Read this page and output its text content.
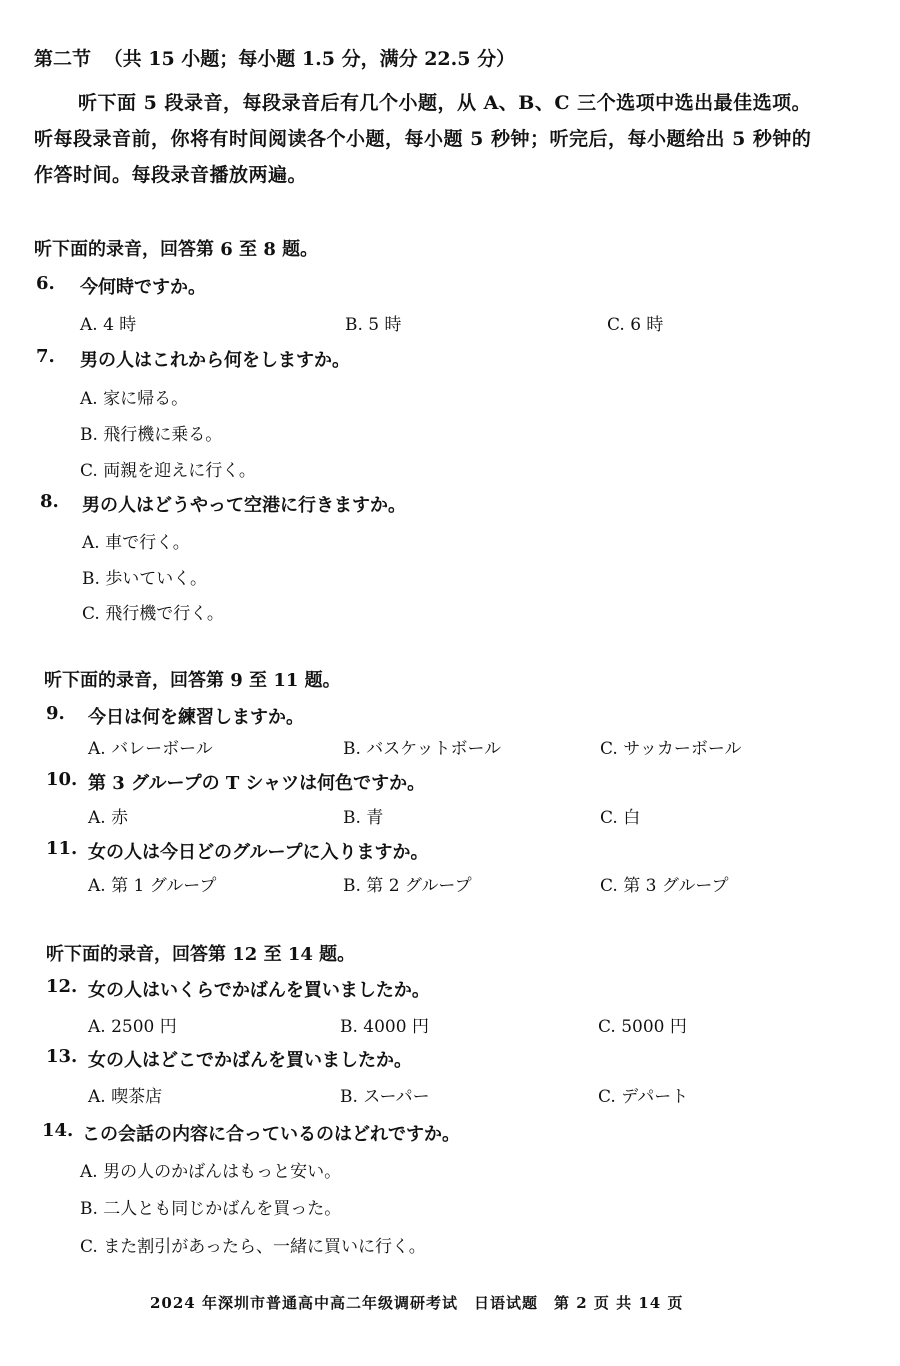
第二节 （共 15 小题；每小题 1.5 分，满分 22.5 分）
听下面 5 段录音，每段录音后有几个小题，从 A、B、C 三个选项中选出最佳选项。
听每段录音前，你将有时间阅读各个小题，每小题 5 秒钟；听完后，每小题给出 5 秒钟的
作答时间。每段录音播放两遍。
听下面的录音，回答第 6 至 8 题。
6. 今何時ですか。
A. 4 時	B. 5 時	C. 6 時
7. 男の人はこれから何をしますか。
A. 家に帰る。
B. 飛行機に乗る。
C. 両親を迎えに行く。
8. 男の人はどうやって空港に行きますか。
A. 車で行く。
B. 歩いていく。
C. 飛行機で行く。
听下面的录音，回答第 9 至 11 题。
9. 今日は何を練習しますか。
A. バレーボール	B. バスケットボール	C. サッカーボール
10. 第 3 グループの T シャツは何色ですか。
A. 赤	B. 青	C. 白
11. 女の人は今日どのグループに入りますか。
A. 第 1 グループ	B. 第 2 グループ	C. 第 3 グループ
听下面的录音，回答第 12 至 14 题。
12. 女の人はいくらでかばんを買いましたか。
A. 2500 円	B. 4000 円	C. 5000 円
13. 女の人はどこでかばんを買いましたか。
A. 喫茶店	B. スーパー	C. デパート
14. この会話の内容に合っているのはどれですか。
A. 男の人のかばんはもっと安い。
B. 二人とも同じかばんを買った。
C. また割引があったら、一緒に買いに行く。
2024 年深圳市普通高中高二年级调研考试　日语试题　第 2 页 共 14 页
